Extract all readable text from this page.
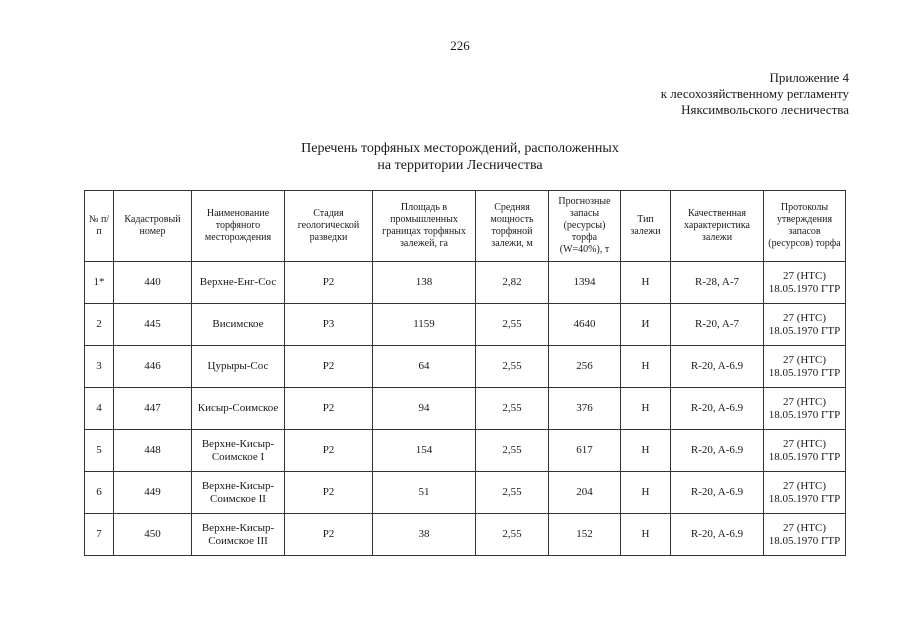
226
Приложение 4
к лесохозяйственному регламенту
Няксимвольского лесничества
Перечень торфяных месторождений, расположенных
на территории Лесничества
№ п/п	Кадастровый номер	Наименование торфяного месторождения	Стадия геологической разведки	Площадь в промышленных границах торфяных залежей, га	Средняя мощность торфяной залежи, м	Прогнозные запасы (ресурсы) торфа (W=40%), т	Тип залежи	Качественная характеристика залежи	Протоколы утверждения запасов (ресурсов) торфа
1*	440	Верхне-Енг-Сос	P2	138	2,82	1394	Н	R-28, A-7	27 (НТС) 18.05.1970 ГТР
2	445	Висимское	P3	1159	2,55	4640	И	R-20, A-7	27 (НТС) 18.05.1970 ГТР
3	446	Цурыры-Сос	P2	64	2,55	256	Н	R-20, A-6.9	27 (НТС) 18.05.1970 ГТР
4	447	Кисыр-Соимское	P2	94	2,55	376	Н	R-20, A-6.9	27 (НТС) 18.05.1970 ГТР
5	448	Верхне-Кисыр-Соимское I	P2	154	2,55	617	Н	R-20, A-6.9	27 (НТС) 18.05.1970 ГТР
6	449	Верхне-Кисыр-Соимское II	P2	51	2,55	204	Н	R-20, A-6.9	27 (НТС) 18.05.1970 ГТР
7	450	Верхне-Кисыр-Соимское III	P2	38	2,55	152	Н	R-20, A-6.9	27 (НТС) 18.05.1970 ГТР
